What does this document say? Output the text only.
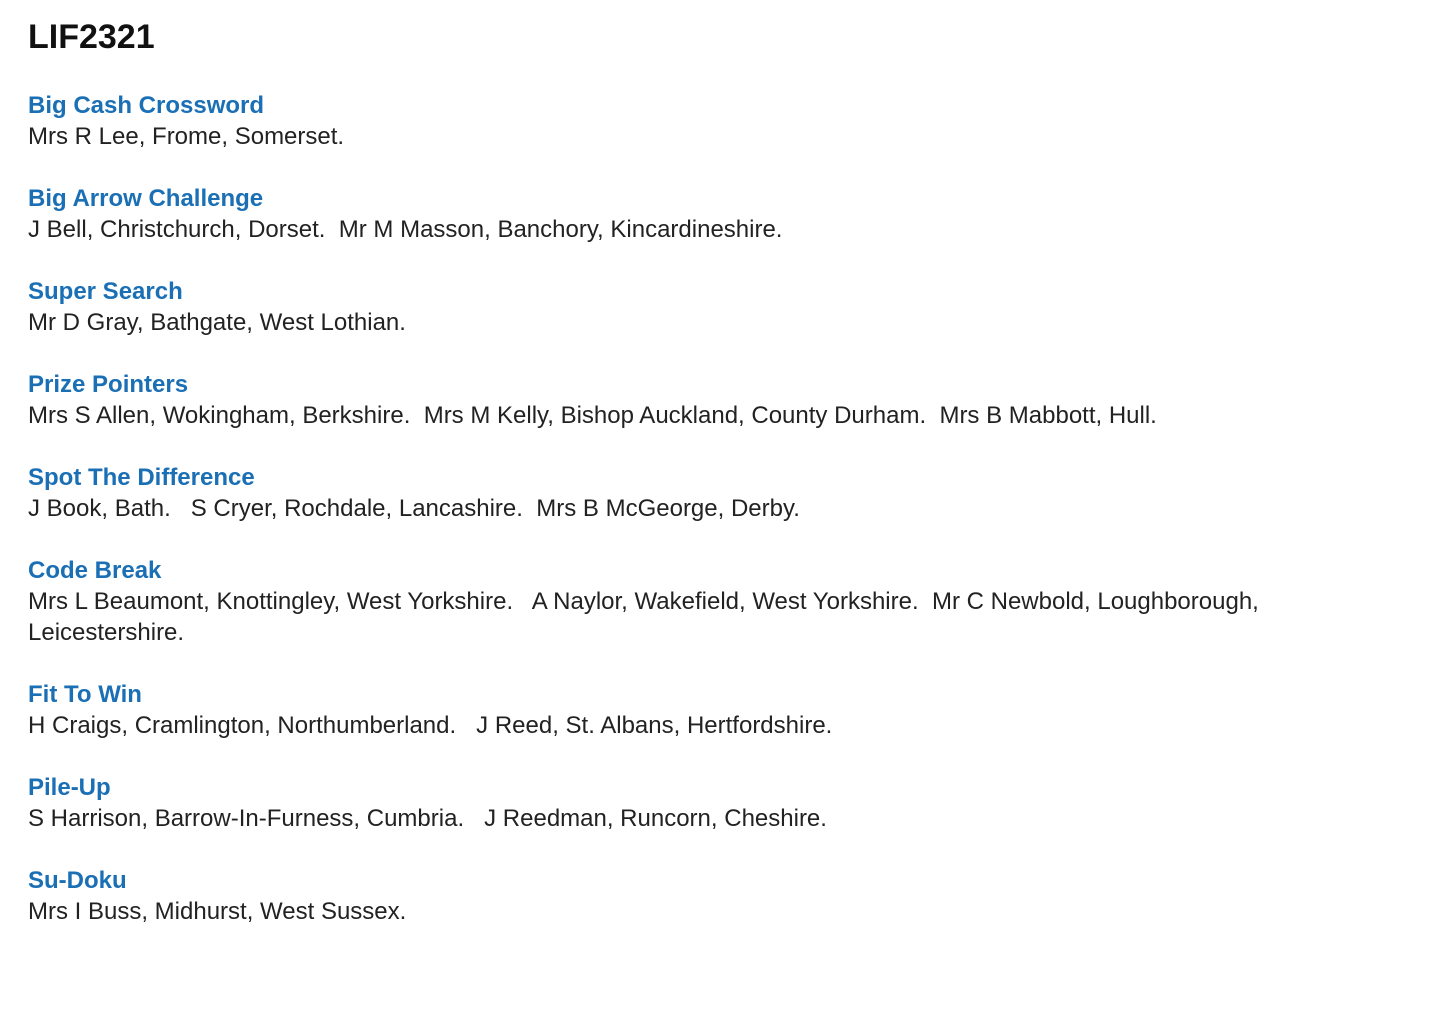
LIF2321

Big Cash Crossword

Mrs R Lee, Frome, Somerset.

Big Arrow Challenge

J Bell, Christchurch, Dorset.  Mr M Masson, Banchory, Kincardineshire.

Super Search

Mr D Gray, Bathgate, West Lothian.

Prize Pointers

Mrs S Allen, Wokingham, Berkshire.  Mrs M Kelly, Bishop Auckland, County Durham.  Mrs B Mabbott, Hull.

Spot The Difference

J Book, Bath.   S Cryer, Rochdale, Lancashire.  Mrs B McGeorge, Derby.

Code Break

Mrs L Beaumont, Knottingley, West Yorkshire.   A Naylor, Wakefield, West Yorkshire.  Mr C Newbold, Loughborough, Leicestershire.

Fit To Win

H Craigs, Cramlington, Northumberland.   J Reed, St. Albans, Hertfordshire.

Pile-Up

S Harrison, Barrow-In-Furness, Cumbria.   J Reedman, Runcorn, Cheshire.

Su-Doku

Mrs I Buss, Midhurst, West Sussex.
